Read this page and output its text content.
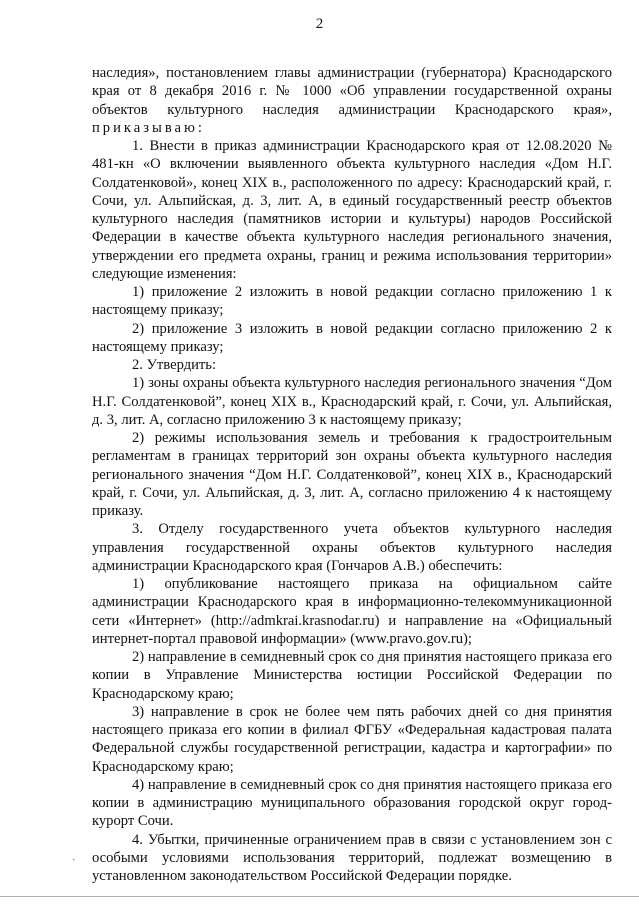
2

наследия», постановлением главы администрации (губернатора) Краснодарского края от 8 декабря 2016 г. № 1000 «Об управлении государственной охраны объектов культурного наследия администрации Краснодарского края», приказываю:

1. Внести в приказ администрации Краснодарского края от 12.08.2020 № 481-кн «О включении выявленного объекта культурного наследия «Дом Н.Г. Солдатенковой», конец XIX в., расположенного по адресу: Краснодарский край, г. Сочи, ул. Альпийская, д. 3, лит. А, в единый государственный реестр объектов культурного наследия (памятников истории и культуры) народов Российской Федерации в качестве объекта культурного наследия регионального значения, утверждении его предмета охраны, границ и режима использования территории» следующие изменения:

1) приложение 2 изложить в новой редакции согласно приложению 1 к настоящему приказу;

2) приложение 3 изложить в новой редакции согласно приложению 2 к настоящему приказу;

2. Утвердить:

1) зоны охраны объекта культурного наследия регионального значения “Дом Н.Г. Солдатенковой”, конец XIX в., Краснодарский край, г. Сочи, ул. Альпийская, д. 3, лит. А, согласно приложению 3 к настоящему приказу;

2) режимы использования земель и требования к градостроительным регламентам в границах территорий зон охраны объекта культурного наследия регионального значения “Дом Н.Г. Солдатенковой”, конец XIX в., Краснодарский край, г. Сочи, ул. Альпийская, д. 3, лит. А, согласно приложению 4 к настоящему приказу.

3. Отделу государственного учета объектов культурного наследия управления государственной охраны объектов культурного наследия администрации Краснодарского края (Гончаров А.В.) обеспечить:

1) опубликование настоящего приказа на официальном сайте администрации Краснодарского края в информационно-телекоммуникационной сети «Интернет» (http://admkrai.krasnodar.ru) и направление на «Официальный интернет-портал правовой информации» (www.pravo.gov.ru);

2) направление в семидневный срок со дня принятия настоящего приказа его копии в Управление Министерства юстиции Российской Федерации по Краснодарскому краю;

3) направление в срок не более чем пять рабочих дней со дня принятия настоящего приказа его копии в филиал ФГБУ «Федеральная кадастровая палата Федеральной службы государственной регистрации, кадастра и картографии» по Краснодарскому краю;

4) направление в семидневный срок со дня принятия настоящего приказа его копии в администрацию муниципального образования городской округ город-курорт Сочи.

4. Убытки, причиненные ограничением прав в связи с установлением зон с особыми условиями использования территорий, подлежат возмещению в установленном законодательством Российской Федерации порядке.

ˏ
